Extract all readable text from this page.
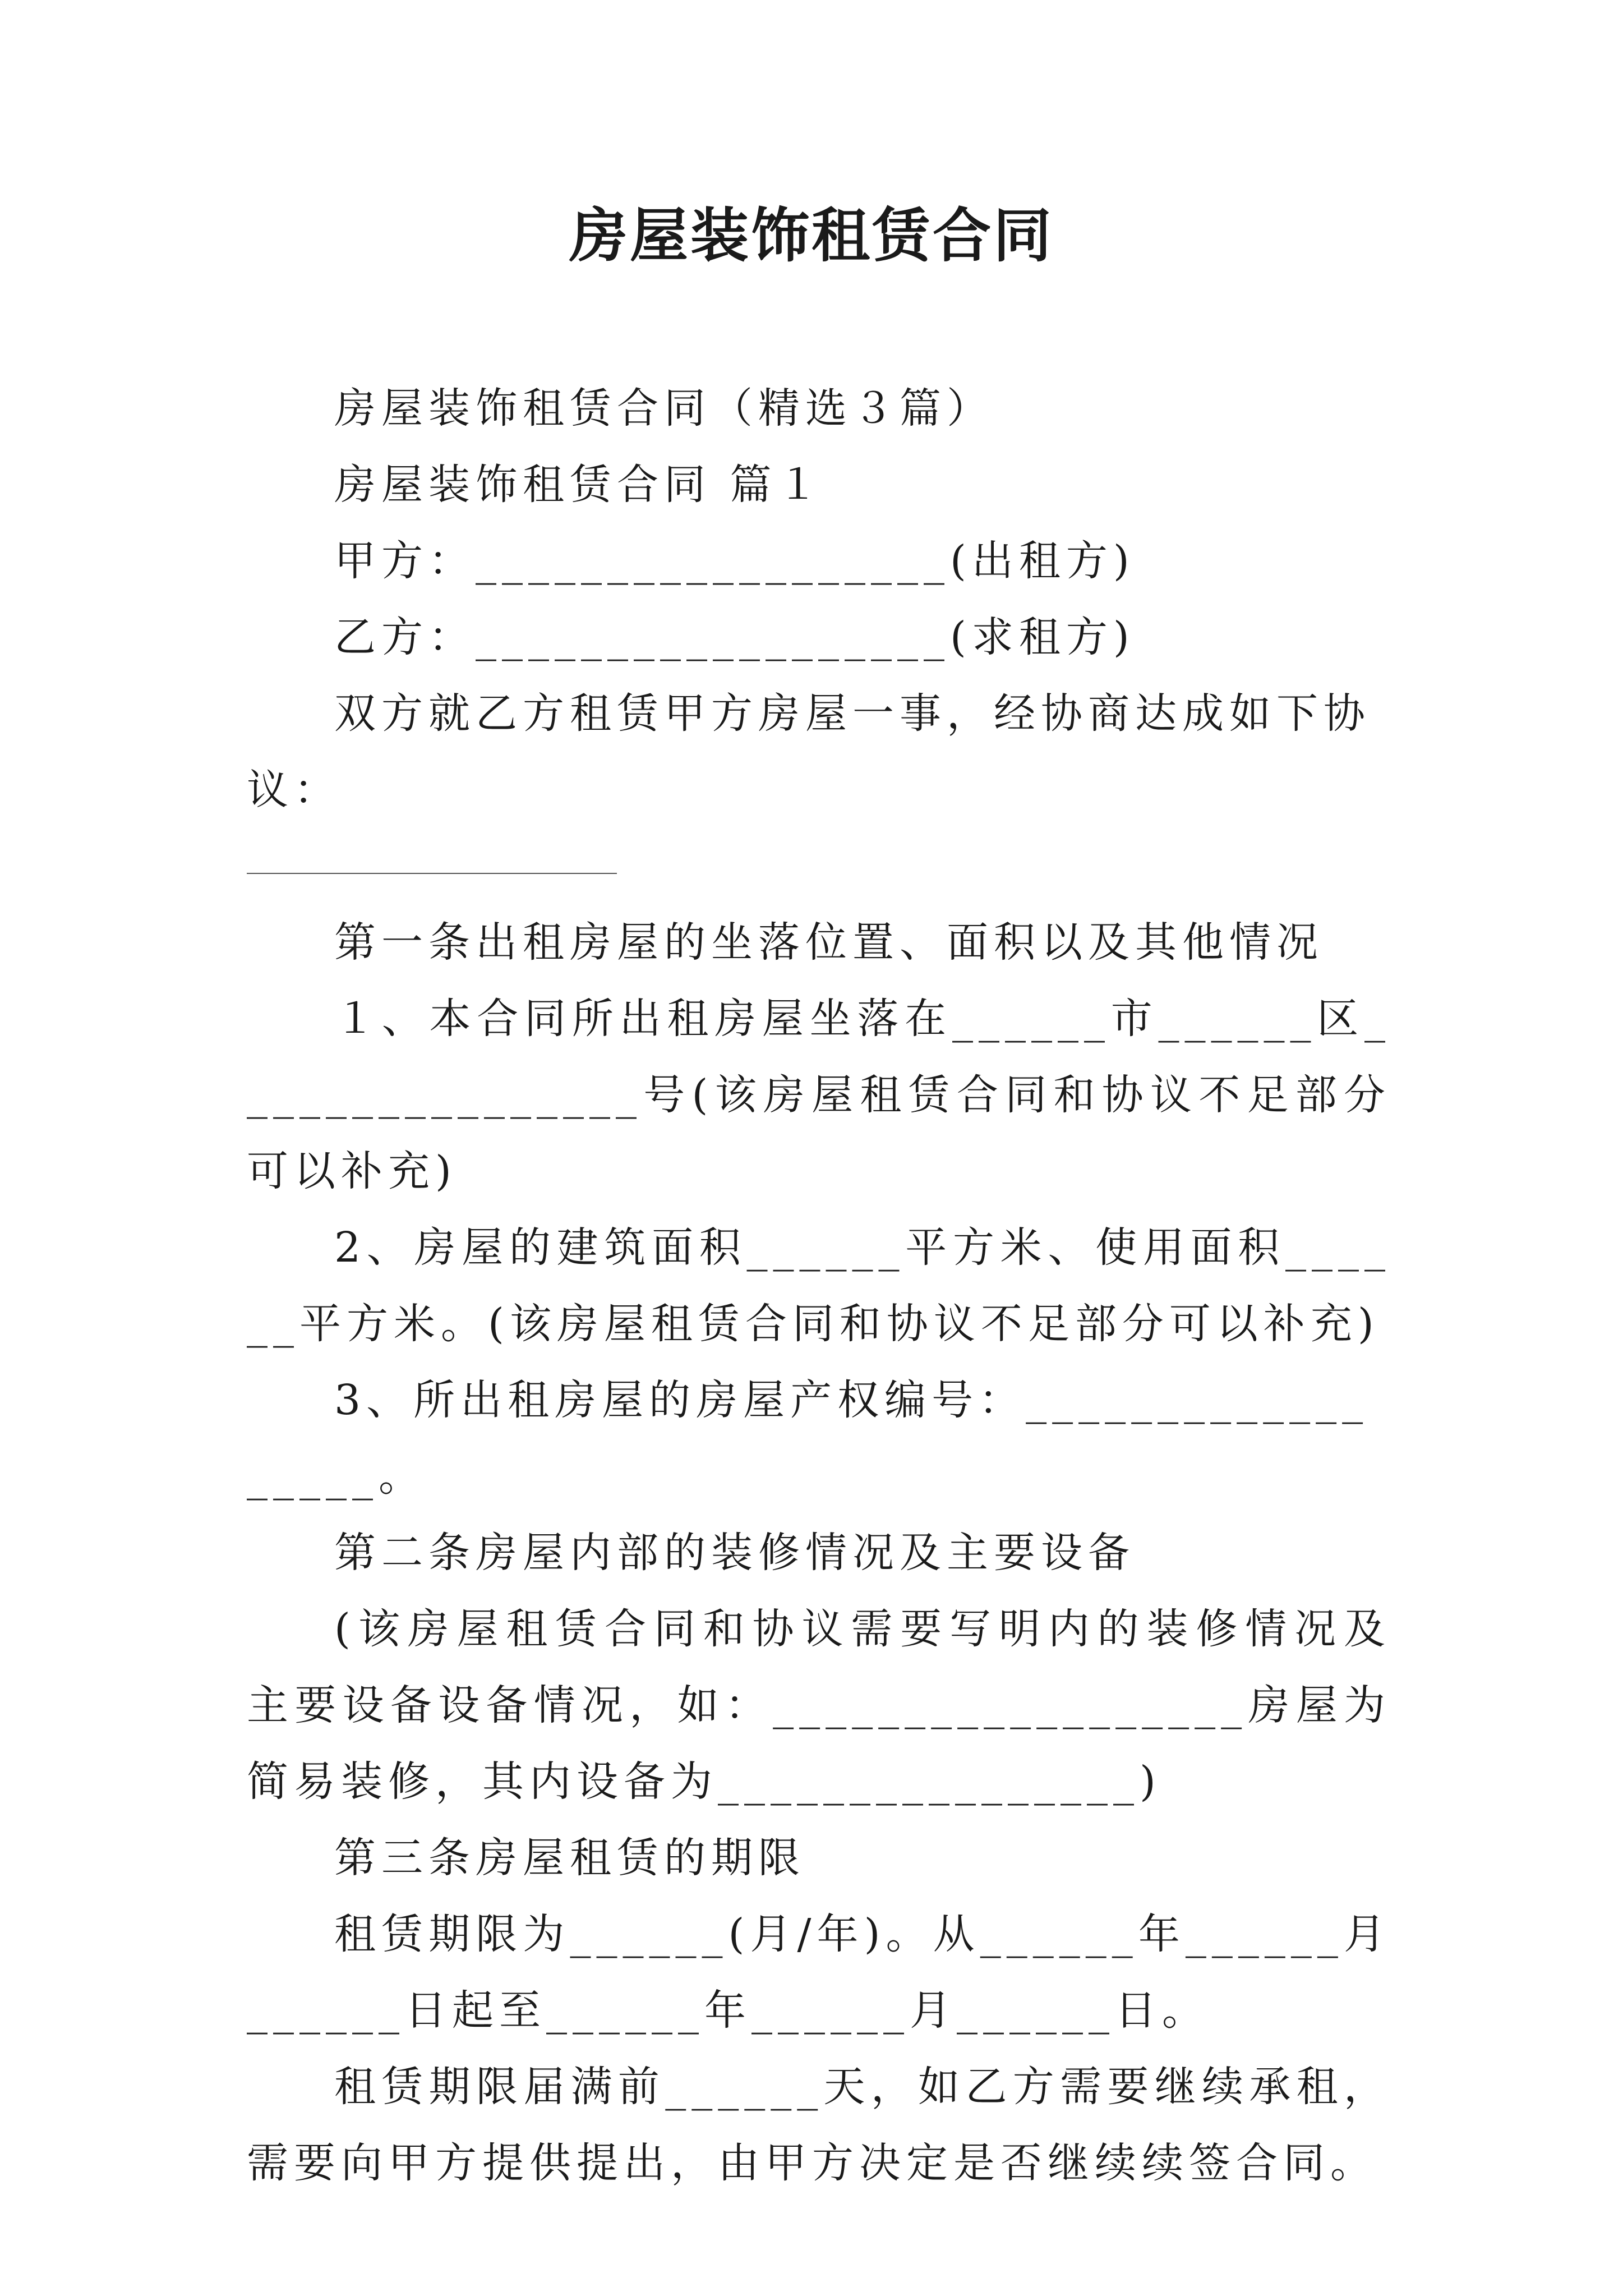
房屋装饰租赁合同

房屋装饰租赁合同（精选３篇）

房屋装饰租赁合同 篇１

甲方：__________________(出租方)

乙方：__________________(求租方)

双方就乙方租赁甲方房屋一事，经协商达成如下协议：

第一条出租房屋的坐落位置、面积以及其他情况

１、本合同所出租房屋坐落在______市______区________________号(该房屋租赁合同和协议不足部分可以补充)

2、房屋的建筑面积______平方米、使用面积______平方米。(该房屋租赁合同和协议不足部分可以补充)

3、所出租房屋的房屋产权编号：__________________。

第二条房屋内部的装修情况及主要设备

(该房屋租赁合同和协议需要写明内的装修情况及主要设备设备情况，如：__________________房屋为简易装修，其内设备为________________)

第三条房屋租赁的期限

租赁期限为______(月/年)。从______年______月______日起至______年______月______日。

租赁期限届满前______天，如乙方需要继续承租，需要向甲方提供提出，由甲方决定是否继续续签合同。
